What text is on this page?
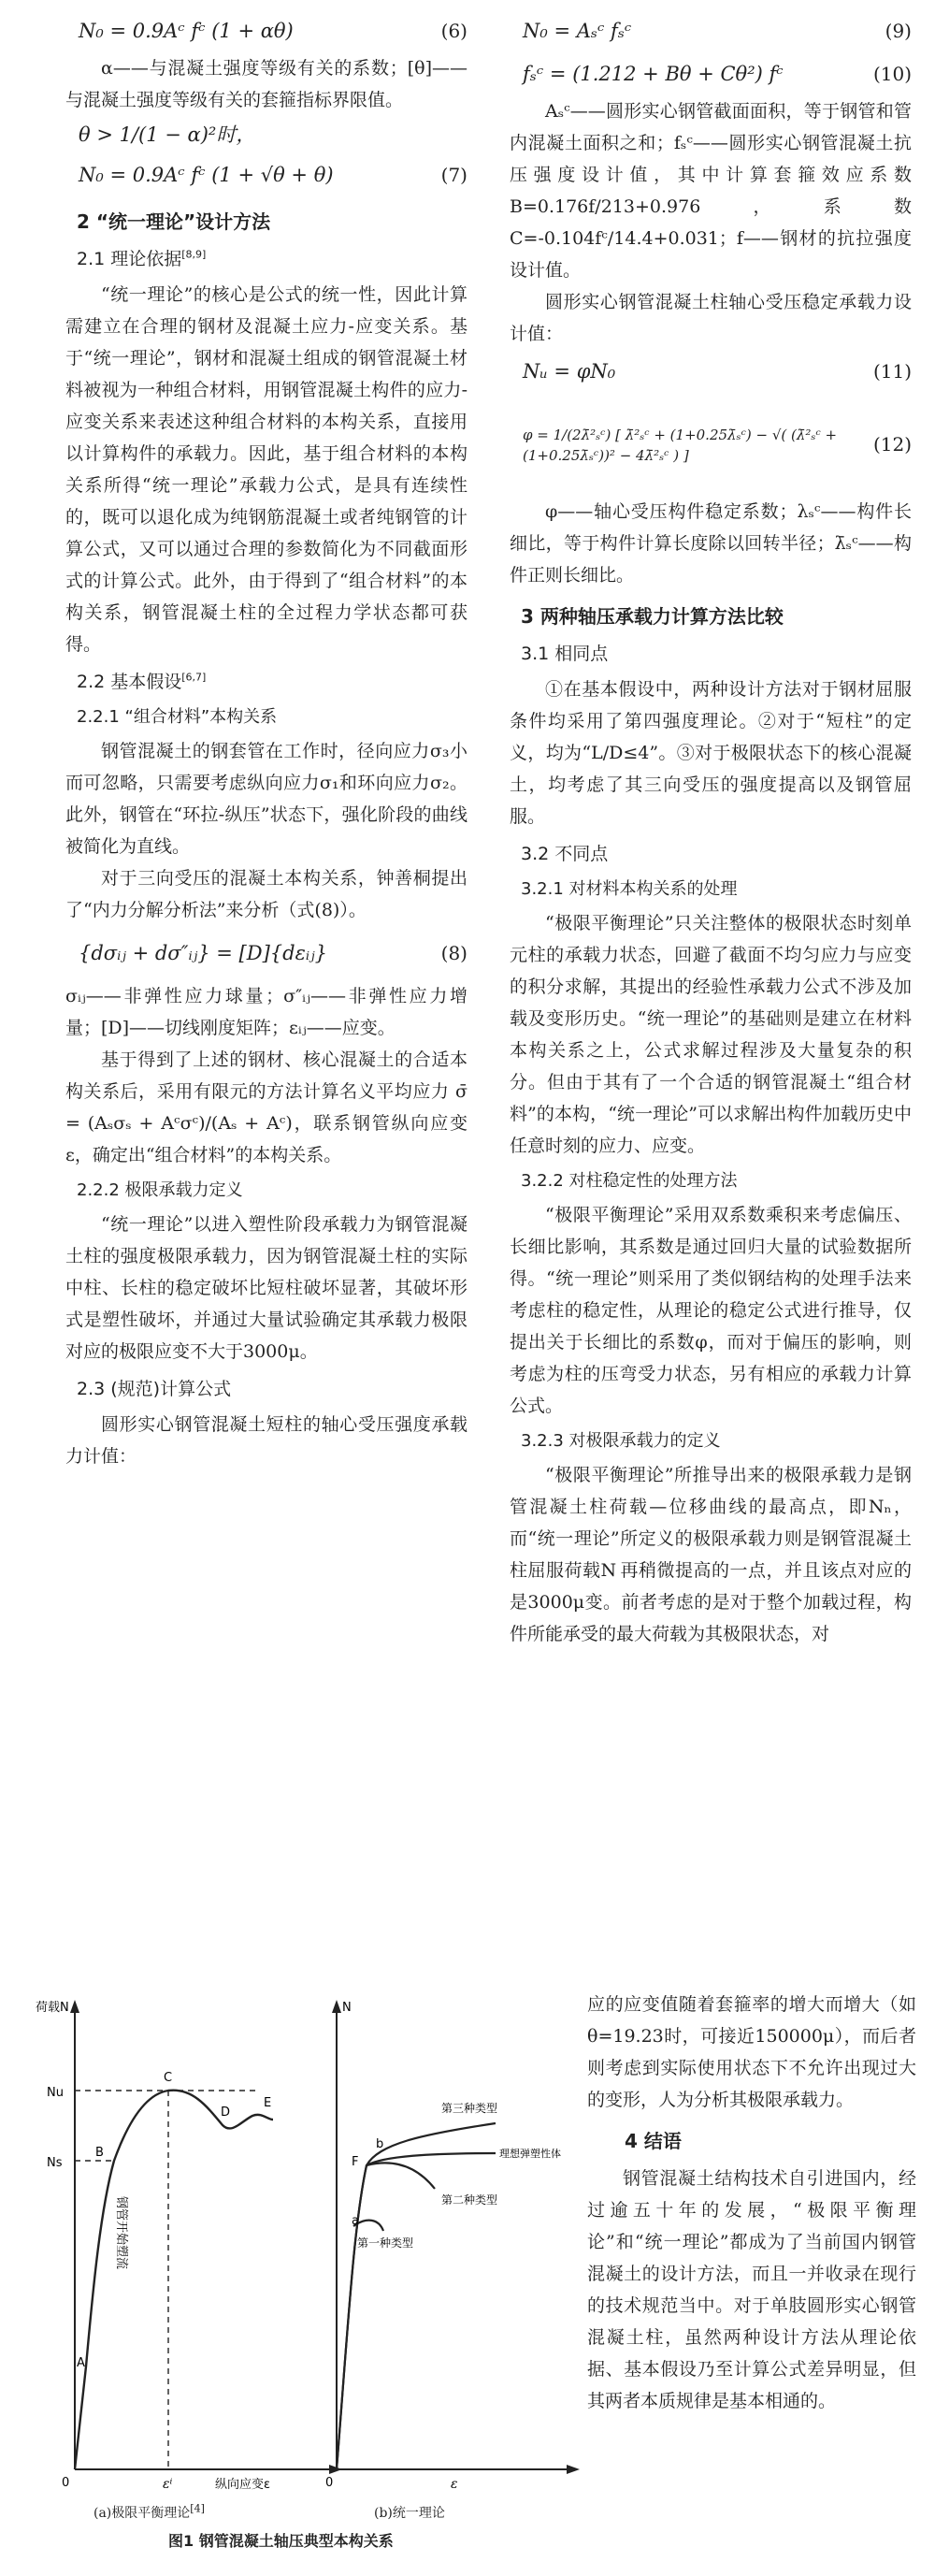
N₀ = 0.9Aᶜ fᶜ (1 + αθ)	(6)

α——与混凝土强度等级有关的系数；[θ]——与混凝土强度等级有关的套箍指标界限值。

θ > 1/(1 − α)²时，
N₀ = 0.9Aᶜ fᶜ (1 + √θ + θ)	(7)
2 “统一理论”设计方法
2.1 理论依据[8,9]

“统一理论”的核心是公式的统一性，因此计算需建立在合理的钢材及混凝土应力-应变关系。基于“统一理论”，钢材和混凝土组成的钢管混凝土材料被视为一种组合材料，用钢管混凝土构件的应力-应变关系来表述这种组合材料的本构关系，直接用以计算构件的承载力。因此，基于组合材料的本构关系所得“统一理论”承载力公式，是具有连续性的，既可以退化成为纯钢筋混凝土或者纯钢管的计算公式，又可以通过合理的参数简化为不同截面形式的计算公式。此外，由于得到了“组合材料”的本构关系，钢管混凝土柱的全过程力学状态都可获得。

2.2 基本假设[6,7]
2.2.1 “组合材料”本构关系

钢管混凝土的钢套管在工作时，径向应力σ₃小而可忽略，只需要考虑纵向应力σ₁和环向应力σ₂。此外，钢管在“环拉-纵压”状态下，强化阶段的曲线被简化为直线。

对于三向受压的混凝土本构关系，钟善桐提出了“内力分解分析法”来分析（式(8)）。

{dσᵢⱼ + dσ″ᵢⱼ} = [D]{dεᵢⱼ}	(8)

σᵢⱼ——非弹性应力球量；σ″ᵢⱼ——非弹性应力增量；[D]——切线刚度矩阵；εᵢⱼ——应变。

基于得到了上述的钢材、核心混凝土的合适本构关系后，采用有限元的方法计算名义平均应力 σ̄ = (Aₛσₛ + Aᶜσᶜ)/(Aₛ + Aᶜ)，联系钢管纵向应变 ε，确定出“组合材料”的本构关系。

2.2.2 极限承载力定义

“统一理论”以进入塑性阶段承载力为钢管混凝土柱的强度极限承载力，因为钢管混凝土柱的实际中柱、长柱的稳定破坏比短柱破坏显著，其破坏形式是塑性破坏，并通过大量试验确定其承载力极限对应的极限应变不大于3000μ。

2.3 (规范)计算公式

圆形实心钢管混凝土短柱的轴心受压强度承载力计值：

N₀ = Aₛᶜ fₛᶜ	(9)
fₛᶜ = (1.212 + Bθ + Cθ²) fᶜ	(10)

Aₛᶜ——圆形实心钢管截面面积，等于钢管和管内混凝土面积之和；fₛᶜ——圆形实心钢管混凝土抗压强度设计值，其中计算套箍效应系数 B=0.176f/213+0.976，系数C=-0.104fᶜ/14.4+0.031；f——钢材的抗拉强度设计值。

圆形实心钢管混凝土柱轴心受压稳定承载力设计值：

Nᵤ = φN₀	(11)
φ = 1/(2λ̄²ₛᶜ) [ λ̄²ₛᶜ + (1+0.25λ̄ₛᶜ) − √( (λ̄²ₛᶜ + (1+0.25λ̄ₛᶜ))² − 4λ̄²ₛᶜ ) ]	(12)

φ——轴心受压构件稳定系数；λₛᶜ——构件长细比，等于构件计算长度除以回转半径；λ̄ₛᶜ——构件正则长细比。

3 两种轴压承载力计算方法比较
3.1 相同点

①在基本假设中，两种设计方法对于钢材屈服条件均采用了第四强度理论。②对于“短柱”的定义，均为“L/D≤4”。③对于极限状态下的核心混凝土，均考虑了其三向受压的强度提高以及钢管屈服。

3.2 不同点
3.2.1 对材料本构关系的处理

“极限平衡理论”只关注整体的极限状态时刻单元柱的承载力状态，回避了截面不均匀应力与应变的积分求解，其提出的经验性承载力公式不涉及加载及变形历史。“统一理论”的基础则是建立在材料本构关系之上，公式求解过程涉及大量复杂的积分。但由于其有了一个合适的钢管混凝土“组合材料”的本构，“统一理论”可以求解出构件加载历史中任意时刻的应力、应变。

3.2.2 对柱稳定性的处理方法

“极限平衡理论”采用双系数乘积来考虑偏压、长细比影响，其系数是通过回归大量的试验数据所得。“统一理论”则采用了类似钢结构的处理手法来考虑柱的稳定性，从理论的稳定公式进行推导，仅提出关于长细比的系数φ，而对于偏压的影响，则考虑为柱的压弯受力状态，另有相应的承载力计算公式。

3.2.3 对极限承载力的定义

“极限平衡理论”所推导出来的极限承载力是钢管混凝土柱荷载—位移曲线的最高点，即Nₙ，而“统一理论”所定义的极限承载力则是钢管混凝土柱屈服荷载N 再稍微提高的一点，并且该点对应的是3000μ变。前者考虑的是对于整个加载过程，构件所能承受的最大荷载为其极限状态，对

荷载N
Nu
Ns
0	εⁱ	纵向应变ε
A
B
C
D
E
钢管开始塑流
N
0	ε
F
b
a
第三种类型
理想弹塑性体
第二种类型
第一种类型
(a)极限平衡理论[4]	(b)统一理论
图1 钢管混凝土轴压典型本构关系

应的应变值随着套箍率的增大而增大（如θ=19.23时，可接近150000μ），而后者则考虑到实际使用状态下不允许出现过大的变形，人为分析其极限承载力。

4 结语

钢管混凝土结构技术自引进国内，经过逾五十年的发展，“极限平衡理论”和“统一理论”都成为了当前国内钢管混凝土的设计方法，而且一并收录在现行的技术规范当中。对于单肢圆形实心钢管混凝土柱，虽然两种设计方法从理论依据、基本假设乃至计算公式差异明显，但其两者本质规律是基本相通的。
